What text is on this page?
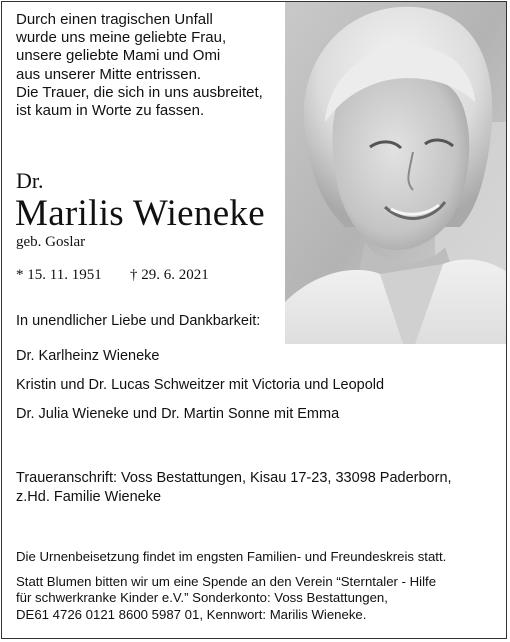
Durch einen tragischen Unfall
wurde uns meine geliebte Frau,
unsere geliebte Mami und Omi
aus unserer Mitte entrissen.
Die Trauer, die sich in uns ausbreitet,
ist kaum in Worte zu fassen.
Dr.
Marilis Wieneke
geb. Goslar
* 15. 11. 1951 † 29. 6. 2021
In unendlicher Liebe und Dankbarkeit:
Dr. Karlheinz Wieneke
Kristin und Dr. Lucas Schweitzer mit Victoria und Leopold
Dr. Julia Wieneke und Dr. Martin Sonne mit Emma
Traueranschrift: Voss Bestattungen, Kisau 17-23, 33098 Paderborn,
z.Hd. Familie Wieneke
Die Urnenbeisetzung findet im engsten Familien- und Freundeskreis statt.
Statt Blumen bitten wir um eine Spende an den Verein “Sterntaler - Hilfe
für schwerkranke Kinder e.V.” Sonderkonto: Voss Bestattungen,
DE61 4726 0121 8600 5987 01, Kennwort: Marilis Wieneke.
